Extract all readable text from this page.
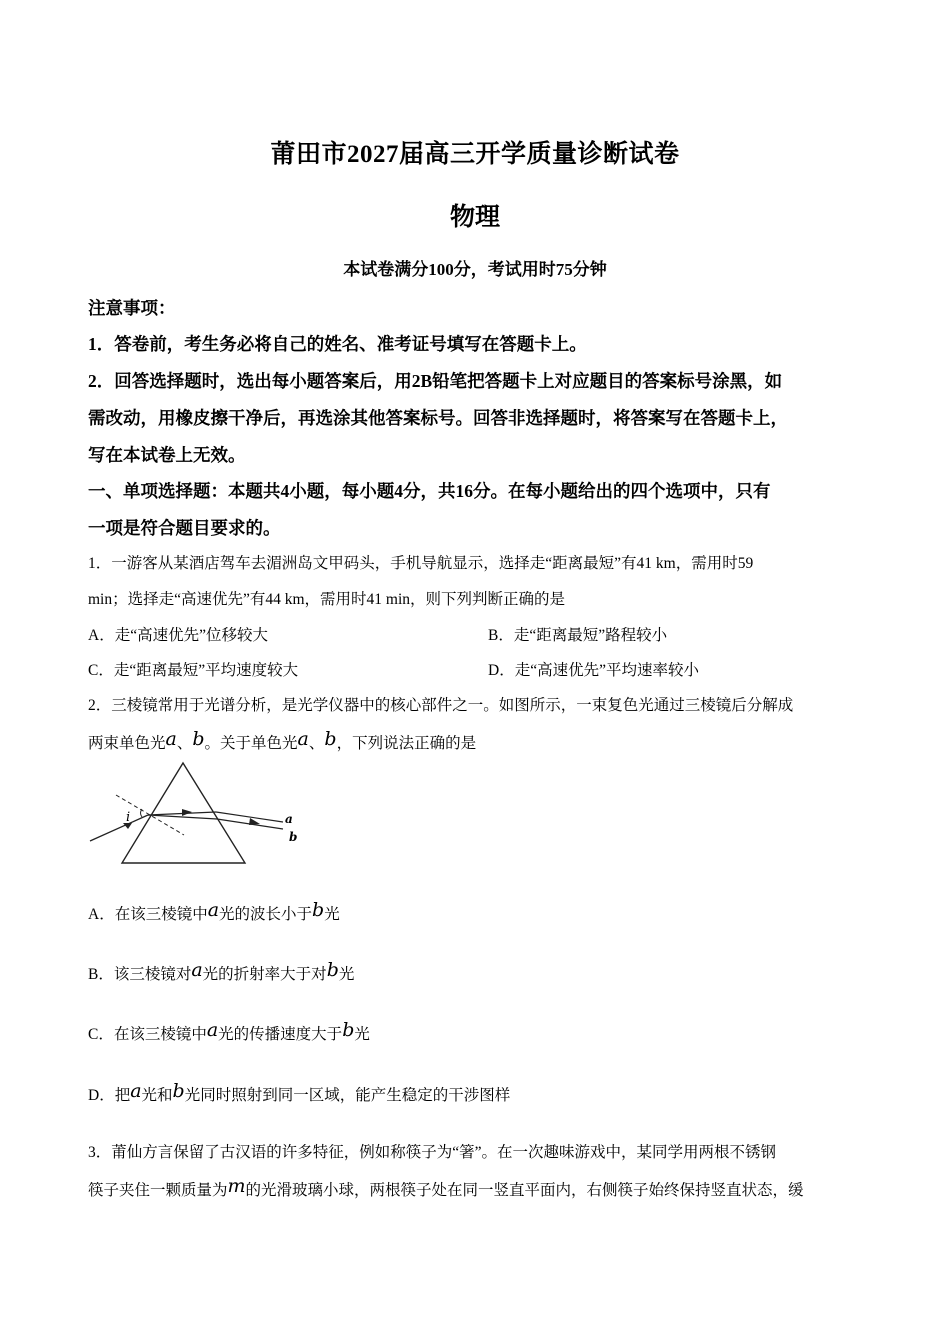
莆田市2027届高三开学质量诊断试卷
物理
本试卷满分100分，考试用时75分钟
注意事项：
1．答卷前，考生务必将自己的姓名、准考证号填写在答题卡上。
2．回答选择题时，选出每小题答案后，用2B铅笔把答题卡上对应题目的答案标号涂黑，如
需改动，用橡皮擦干净后，再选涂其他答案标号。回答非选择题时，将答案写在答题卡上，
写在本试卷上无效。
一、单项选择题：本题共4小题，每小题4分，共16分。在每小题给出的四个选项中，只有
一项是符合题目要求的。
1．一游客从某酒店驾车去湄洲岛文甲码头，手机导航显示，选择走“距离最短”有41 km，需用时59
min；选择走“高速优先”有44 km，需用时41 min，则下列判断正确的是
A．走“高速优先”位移较大	B．走“距离最短”路程较小
C．走“距离最短”平均速度较大	D．走“高速优先”平均速率较小
2．三棱镜常用于光谱分析，是光学仪器中的核心部件之一。如图所示，一束复色光通过三棱镜后分解成
两束单色光a、b。关于单色光a、b，下列说法正确的是
i	a
b
A．在该三棱镜中a光的波长小于b光
B．该三棱镜对a光的折射率大于对b光
C．在该三棱镜中a光的传播速度大于b光
D．把a光和b光同时照射到同一区域，能产生稳定的干涉图样
3．莆仙方言保留了古汉语的许多特征，例如称筷子为“箸”。在一次趣味游戏中，某同学用两根不锈钢
筷子夹住一颗质量为m的光滑玻璃小球，两根筷子处在同一竖直平面内，右侧筷子始终保持竖直状态，缓
